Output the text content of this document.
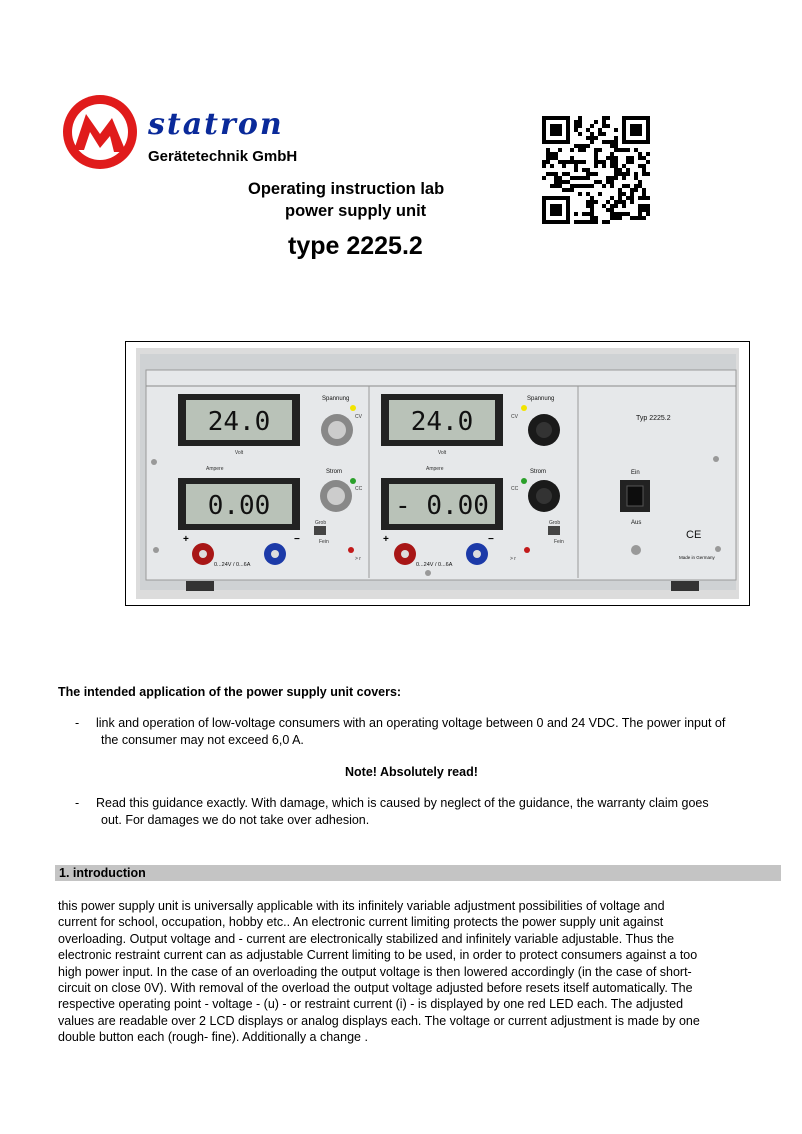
statron
Gerätetechnik GmbH
Operating instruction lab
power supply unit
type 2225.2
24.0
Volt
Ampere
0.00
Spannung
CV
Strom
CC
Grob
Fein
> r
+	−
0...24V / 0...6A
24.0
Volt
Ampere
- 0.00
Spannung
CV
Strom
CC
Grob
Fein
> r
+	−
0...24V / 0...6A
Typ 2225.2
Ein
Aus
CE
Made in Germany
The intended application of the power supply unit covers:
- link and operation of low-voltage consumers with an operating voltage between 0 and 24 VDC. The power input of
the consumer may not exceed 6,0 A.
Note! Absolutely read!
- Read this guidance exactly. With damage, which is caused by neglect of the guidance, the warranty claim goes
out. For damages we do not take over adhesion.
1. introduction
this power supply unit is universally applicable with its infinitely variable adjustment possibilities of voltage and
current for school, occupation, hobby etc.. An electronic current limiting protects the power supply unit against
overloading. Output voltage and - current are electronically stabilized and infinitely variable adjustable. Thus the
electronic restraint current can as adjustable Current limiting to be used, in order to protect consumers against a too
high power input. In the case of an overloading the output voltage is then lowered accordingly (in the case of short-
circuit on close 0V). With removal of the overload the output voltage adjusted before resets itself automatically. The
respective operating point - voltage - (u) - or restraint current (i) - is displayed by one red LED each. The adjusted
values are readable over 2 LCD displays or analog displays each. The voltage or current adjustment is made by one
double button each (rough- fine). Additionally a change .
